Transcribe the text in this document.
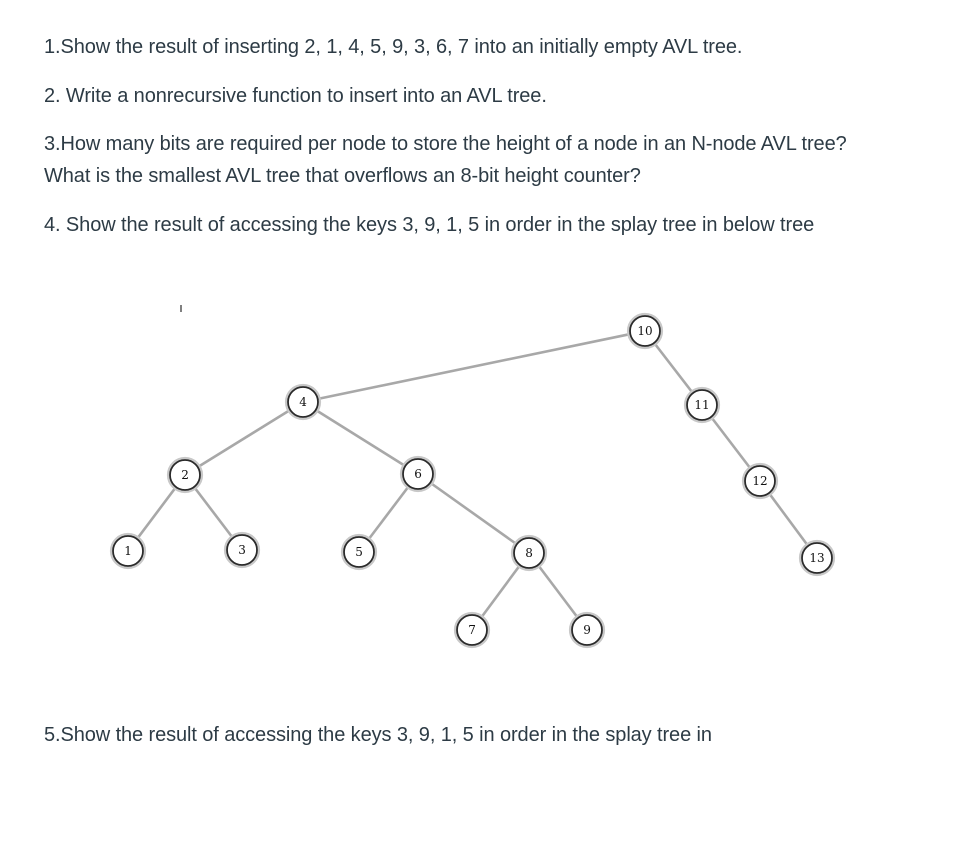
1.Show the result of inserting 2, 1, 4, 5, 9, 3, 6, 7 into an initially empty AVL tree.

2. Write a nonrecursive function to insert into an AVL tree.

3.How many bits are required per node to store the height of a node in an N-node AVL tree?
What is the smallest AVL tree that overflows an 8-bit height counter?

4. Show the result of accessing the keys 3, 9, 1, 5 in order in the splay tree in below tree

10
4	11
2	6	12
1	3	5	8	13
7	9

5.Show the result of accessing the keys 3, 9, 1, 5 in order in the splay tree in
